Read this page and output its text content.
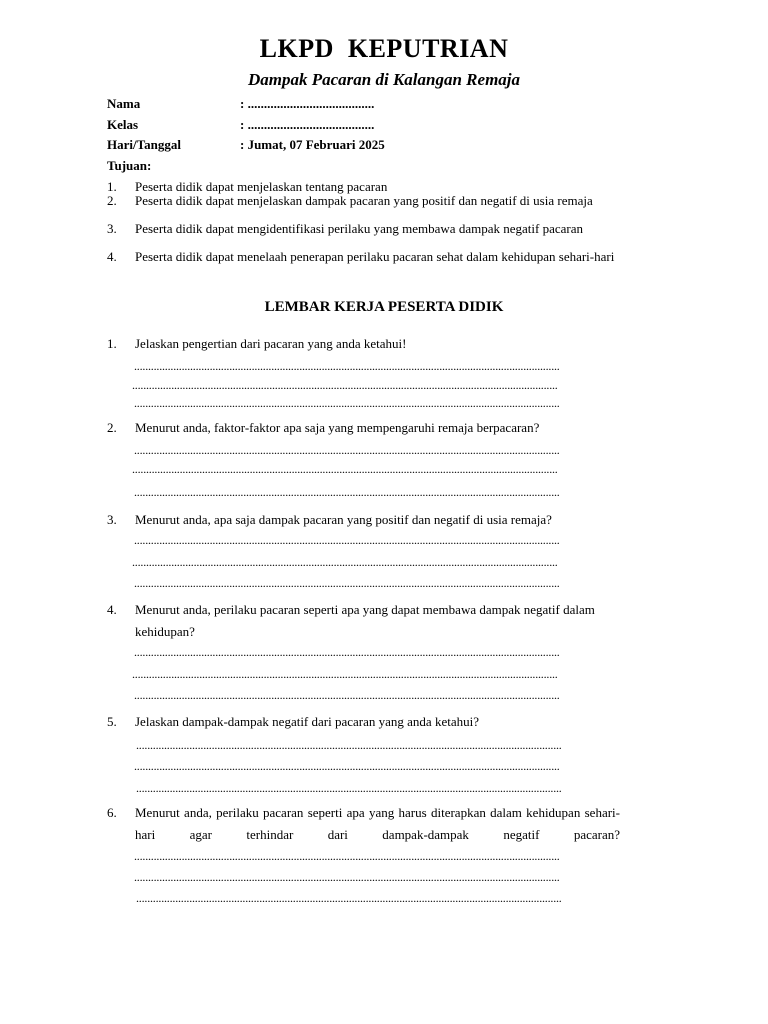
LKPD  KEPUTRIAN
Dampak Pacaran di Kalangan Remaja

Nama

	: .......................................

Kelas

	: .......................................

Hari/Tanggal

	: Jumat, 07 Februari 2025

Tujuan:
1. Peserta didik dapat menjelaskan tentang pacaran
2. Peserta didik dapat menjelaskan dampak pacaran yang positif dan negatif di usia remaja
3. Peserta didik dapat mengidentifikasi perilaku yang membawa dampak negatif pacaran
4. Peserta didik dapat menelaah penerapan perilaku pacaran sehat dalam kehidupan sehari-hari
LEMBAR KERJA PESERTA DIDIK
1. Jelaskan pengertian dari pacaran yang anda ketahui!
........................................................................................................................................................
........................................................................................................................................................
........................................................................................................................................................
2. Menurut anda, faktor-faktor apa saja yang mempengaruhi remaja berpacaran?
........................................................................................................................................................
........................................................................................................................................................
........................................................................................................................................................
3. Menurut anda, apa saja dampak pacaran yang positif dan negatif di usia remaja?
........................................................................................................................................................
........................................................................................................................................................
........................................................................................................................................................
4. Menurut anda, perilaku pacaran seperti apa yang dapat membawa dampak negatif dalam kehidupan?
........................................................................................................................................................
........................................................................................................................................................
........................................................................................................................................................
5. Jelaskan dampak-dampak negatif dari pacaran yang anda ketahui?
........................................................................................................................................................
........................................................................................................................................................
........................................................................................................................................................
6. Menurut anda, perilaku pacaran seperti apa yang harus diterapkan dalam kehidupan sehari-hari agar terhindar dari dampak-dampak negatif pacaran?
........................................................................................................................................................
........................................................................................................................................................
........................................................................................................................................................
